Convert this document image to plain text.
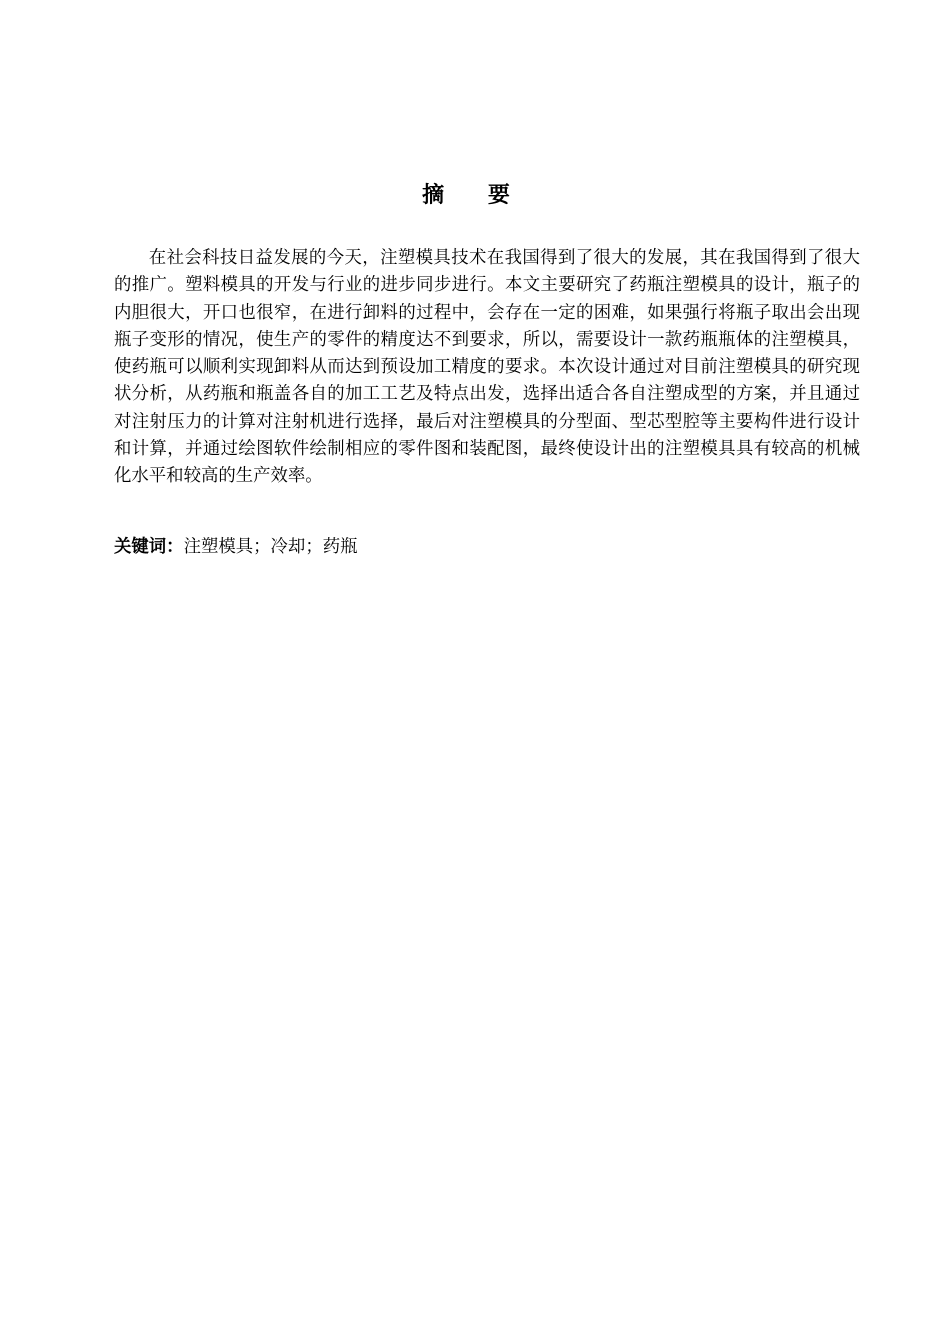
摘 要

在社会科技日益发展的今天，注塑模具技术在我国得到了很大的发展，其在我国得到了很大的推广。塑料模具的开发与行业的进步同步进行。本文主要研究了药瓶注塑模具的设计，瓶子的内胆很大，开口也很窄，在进行卸料的过程中，会存在一定的困难，如果强行将瓶子取出会出现瓶子变形的情况，使生产的零件的精度达不到要求，所以，需要设计一款药瓶瓶体的注塑模具，使药瓶可以顺利实现卸料从而达到预设加工精度的要求。本次设计通过对目前注塑模具的研究现状分析，从药瓶和瓶盖各自的加工工艺及特点出发，选择出适合各自注塑成型的方案，并且通过对注射压力的计算对注射机进行选择，最后对注塑模具的分型面、型芯型腔等主要构件进行设计和计算，并通过绘图软件绘制相应的零件图和装配图，最终使设计出的注塑模具具有较高的机械化水平和较高的生产效率。

关键词：注塑模具；冷却；药瓶
